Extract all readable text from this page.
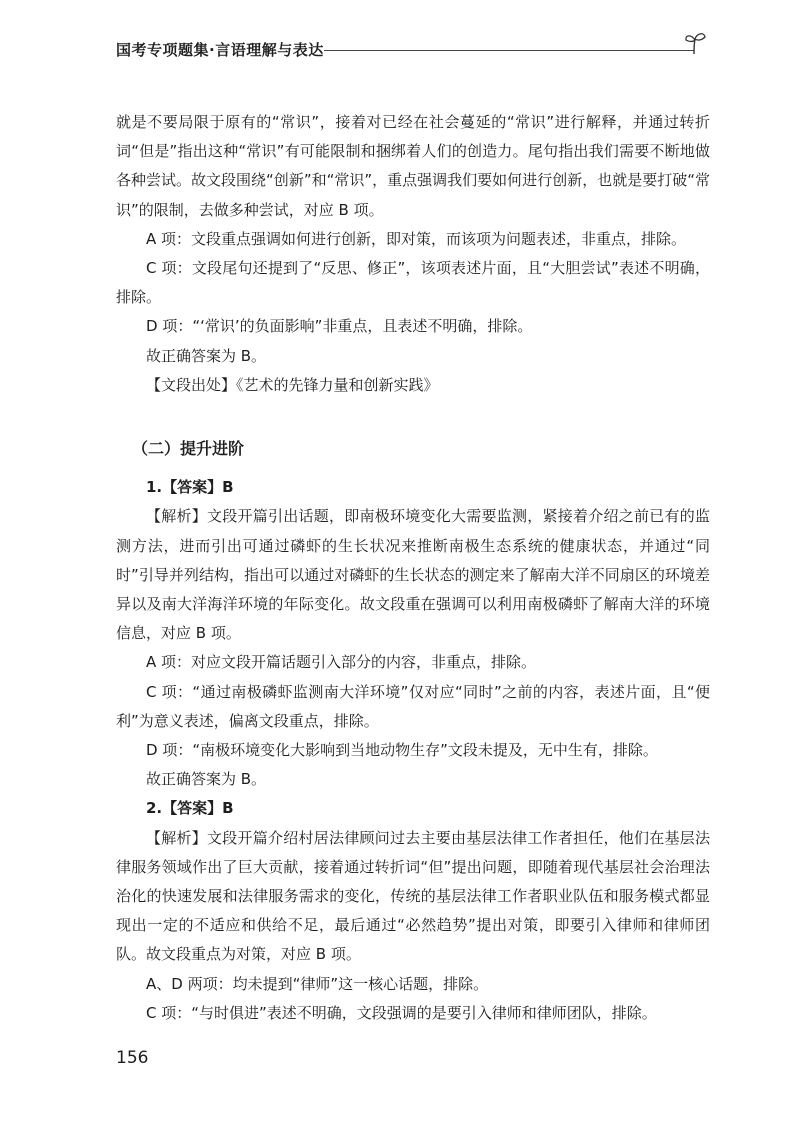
国考专项题集·言语理解与表达

就是不要局限于原有的“常识”，接着对已经在社会蔓延的“常识”进行解释，并通过转折词“但是”指出这种“常识”有可能限制和捆绑着人们的创造力。尾句指出我们需要不断地做各种尝试。故文段围绕“创新”和“常识”，重点强调我们要如何进行创新，也就是要打破“常识”的限制，去做多种尝试，对应 B 项。

A 项：文段重点强调如何进行创新，即对策，而该项为问题表述，非重点，排除。

C 项：文段尾句还提到了“反思、修正”，该项表述片面，且“大胆尝试”表述不明确，排除。

D 项：“‘常识’的负面影响”非重点，且表述不明确，排除。

故正确答案为 B。

【文段出处】《艺术的先锋力量和创新实践》

（二）提升进阶

1.【答案】B

【解析】文段开篇引出话题，即南极环境变化大需要监测，紧接着介绍之前已有的监测方法，进而引出可通过磷虾的生长状况来推断南极生态系统的健康状态，并通过“同时”引导并列结构，指出可以通过对磷虾的生长状态的测定来了解南大洋不同扇区的环境差异以及南大洋海洋环境的年际变化。故文段重在强调可以利用南极磷虾了解南大洋的环境信息，对应 B 项。

A 项：对应文段开篇话题引入部分的内容，非重点，排除。

C 项：“通过南极磷虾监测南大洋环境”仅对应“同时”之前的内容，表述片面，且“便利”为意义表述，偏离文段重点，排除。

D 项：“南极环境变化大影响到当地动物生存”文段未提及，无中生有，排除。

故正确答案为 B。

2.【答案】B

【解析】文段开篇介绍村居法律顾问过去主要由基层法律工作者担任，他们在基层法律服务领域作出了巨大贡献，接着通过转折词“但”提出问题，即随着现代基层社会治理法治化的快速发展和法律服务需求的变化，传统的基层法律工作者职业队伍和服务模式都显现出一定的不适应和供给不足，最后通过“必然趋势”提出对策，即要引入律师和律师团队。故文段重点为对策，对应 B 项。

A、D 两项：均未提到“律师”这一核心话题，排除。

C 项：“与时俱进”表述不明确，文段强调的是要引入律师和律师团队，排除。

156
